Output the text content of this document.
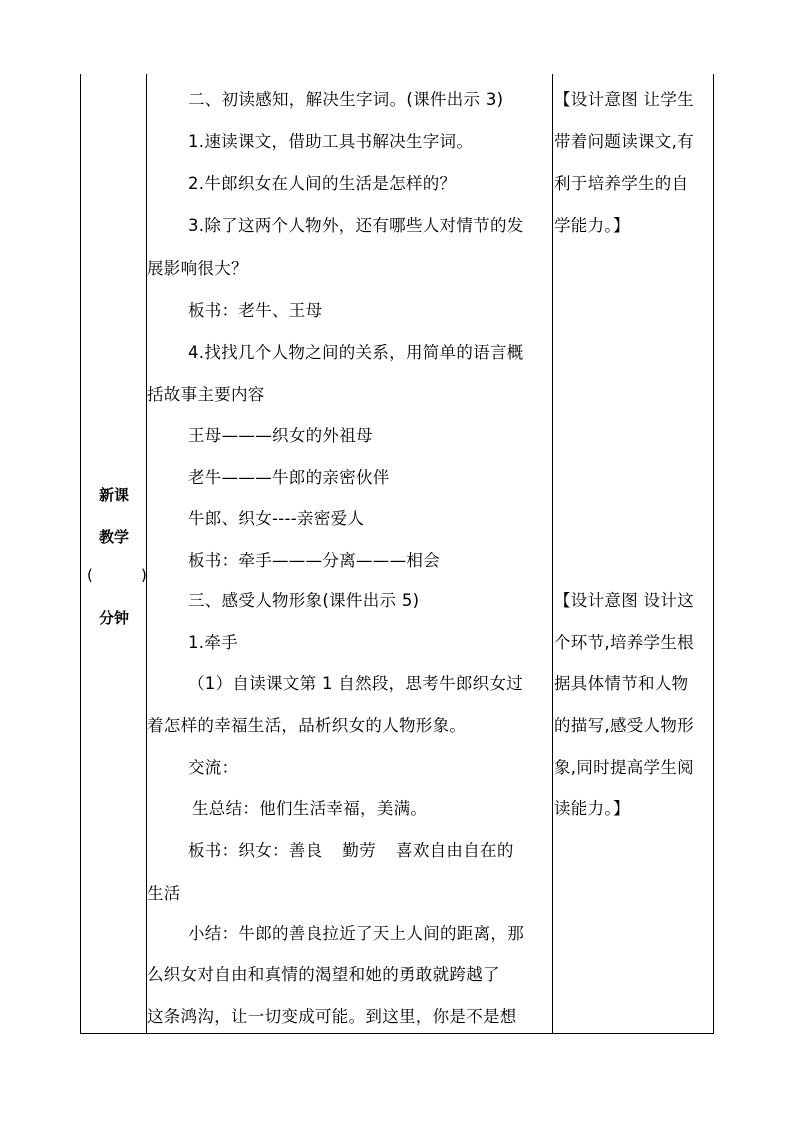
新课
教学
(	)
分钟
二、初读感知，解决生字词。(课件出示 3)
1.速读课文，借助工具书解决生字词。
2.牛郎织女在人间的生活是怎样的？
3.除了这两个人物外，还有哪些人对情节的发
展影响很大？
板书：老牛、王母
4.找找几个人物之间的关系，用简单的语言概
括故事主要内容
王母———织女的外祖母
老牛———牛郎的亲密伙伴
牛郎、织女----亲密爱人
板书：牵手———分离———相会
三、感受人物形象(课件出示 5)
1.牵手
（1）自读课文第 1 自然段，思考牛郎织女过
着怎样的幸福生活，品析织女的人物形象。
交流：
生总结：他们生活幸福，美满。
板书：织女：善良 勤劳 喜欢自由自在的
生活
小结：牛郎的善良拉近了天上人间的距离，那
么织女对自由和真情的渴望和她的勇敢就跨越了
这条鸿沟，让一切变成可能。到这里，你是不是想
【设计意图 让学生
带着问题读课文,有
利于培养学生的自
学能力。】
【设计意图 设计这
个环节,培养学生根
据具体情节和人物
的描写,感受人物形
象,同时提高学生阅
读能力。】
